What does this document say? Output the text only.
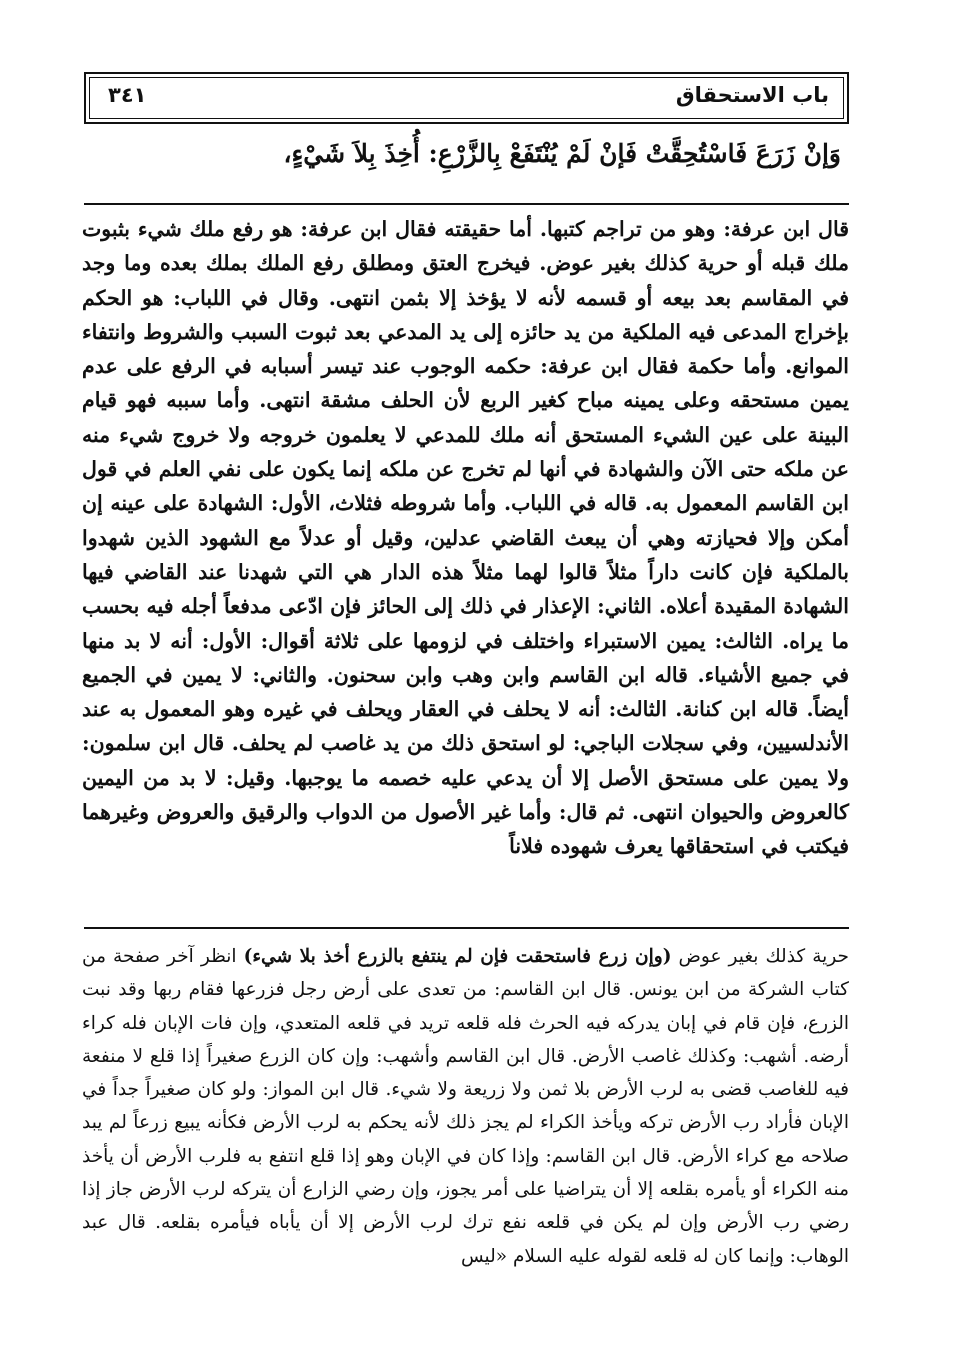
باب الاستحقاق
٣٤١
وَإنْ زَرَعَ فَاسْتُحِقَّتْ فَإنْ لَمْ يُنْتَفَعْ بِالزَّرْعِ: أُخِذَ بِلاَ شَيْءٍ،

قال ابن عرفة: وهو من تراجم كتبها. أما حقيقته فقال ابن عرفة: هو رفع ملك شيء بثبوت ملك قبله أو حرية كذلك بغير عوض. فيخرج العتق ومطلق رفع الملك بملك بعده وما وجد في المقاسم بعد بيعه أو قسمه لأنه لا يؤخذ إلا بثمن انتهى. وقال في اللباب: هو الحكم بإخراج المدعى فيه الملكية من يد حائزه إلى يد المدعي بعد ثبوت السبب والشروط وانتفاء الموانع. وأما حكمة فقال ابن عرفة: حكمه الوجوب عند تيسر أسبابه في الرفع على عدم يمين مستحقه وعلى يمينه مباح كغير الربع لأن الحلف مشقة انتهى. وأما سببه فهو قيام البينة على عين الشيء المستحق أنه ملك للمدعي لا يعلمون خروجه ولا خروج شيء منه عن ملكه حتى الآن والشهادة في أنها لم تخرج عن ملكه إنما يكون على نفي العلم في قول ابن القاسم المعمول به. قاله في اللباب. وأما شروطه فثلاث، الأول: الشهادة على عينه إن أمكن وإلا فحيازته وهي أن يبعث القاضي عدلين، وقيل أو عدلاً مع الشهود الذين شهدوا بالملكية فإن كانت داراً مثلاً قالوا لهما مثلاً هذه الدار هي التي شهدنا عند القاضي فيها الشهادة المقيدة أعلاه. الثاني: الإعذار في ذلك إلى الحائز فإن ادّعى مدفعاً أجله فيه بحسب ما يراه. الثالث: يمين الاستبراء واختلف في لزومها على ثلاثة أقوال: الأول: أنه لا بد منها في جميع الأشياء. قاله ابن القاسم وابن وهب وابن سحنون. والثاني: لا يمين في الجميع أيضاً. قاله ابن كنانة. الثالث: أنه لا يحلف في العقار ويحلف في غيره وهو المعمول به عند الأندلسيين، وفي سجلات الباجي: لو استحق ذلك من يد غاصب لم يحلف. قال ابن سلمون: ولا يمين على مستحق الأصل إلا أن يدعي عليه خصمه ما يوجبها. وقيل: لا بد من اليمين كالعروض والحيوان انتهى. ثم قال: وأما غير الأصول من الدواب والرقيق والعروض وغيرهما فيكتب في استحقاقها يعرف شهوده فلاناً

حرية كذلك بغير عوض (وإن زرع فاستحقت فإن لم ينتفع بالزرع أخذ بلا شيء) انظر آخر صفحة من كتاب الشركة من ابن يونس. قال ابن القاسم: من تعدى على أرض رجل فزرعها فقام ربها وقد نبت الزرع، فإن قام في إبان يدركه فيه الحرث فله قلعه تريد في قلعه المتعدي، وإن فات الإبان فله كراء أرضه. أشهب: وكذلك غاصب الأرض. قال ابن القاسم وأشهب: وإن كان الزرع صغيراً إذا قلع لا منفعة فيه للغاصب قضى به لرب الأرض بلا ثمن ولا زريعة ولا شيء. قال ابن المواز: ولو كان صغيراً جداً في الإبان فأراد رب الأرض تركه ويأخذ الكراء لم يجز ذلك لأنه يحكم به لرب الأرض فكأنه يبيع زرعاً لم يبد صلاحه مع كراء الأرض. قال ابن القاسم: وإذا كان في الإبان وهو إذا قلع انتفع به فلرب الأرض أن يأخذ منه الكراء أو يأمره بقلعه إلا أن يتراضيا على أمر يجوز، وإن رضي الزارع أن يتركه لرب الأرض جاز إذا رضي رب الأرض وإن لم يكن في قلعه نفع ترك لرب الأرض إلا أن يأباه فيأمره بقلعه. قال عبد الوهاب: وإنما كان له قلعه لقوله عليه السلام «ليس
